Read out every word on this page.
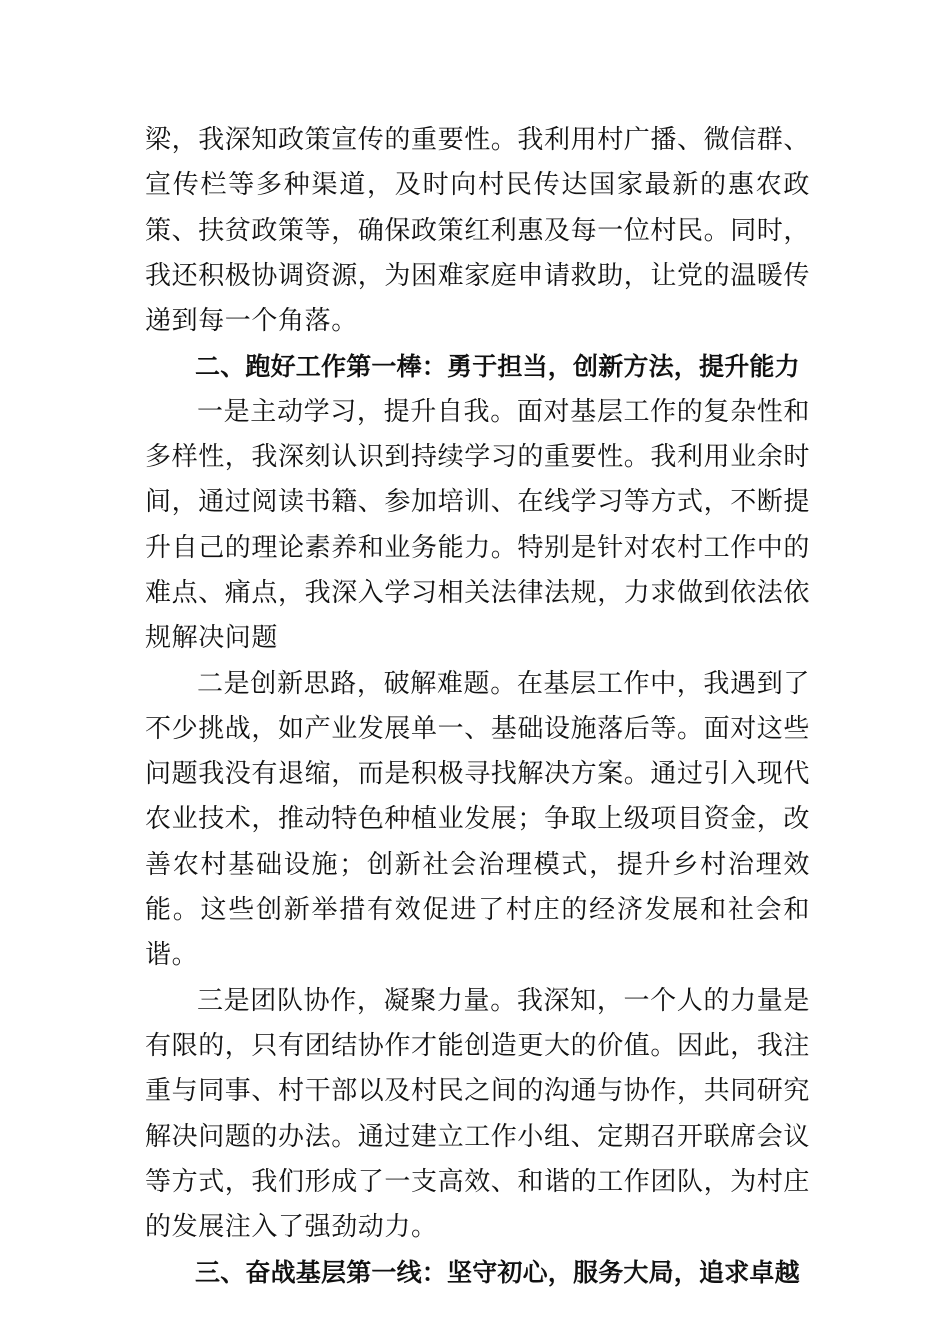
梁，我深知政策宣传的重要性。我利用村广播、微信群、宣传栏等多种渠道，及时向村民传达国家最新的惠农政策、扶贫政策等，确保政策红利惠及每一位村民。同时，我还积极协调资源，为困难家庭申请救助，让党的温暖传递到每一个角落。

二、跑好工作第一棒：勇于担当，创新方法，提升能力

一是主动学习，提升自我。面对基层工作的复杂性和多样性，我深刻认识到持续学习的重要性。我利用业余时间，通过阅读书籍、参加培训、在线学习等方式，不断提升自己的理论素养和业务能力。特别是针对农村工作中的难点、痛点，我深入学习相关法律法规，力求做到依法依规解决问题

二是创新思路，破解难题。在基层工作中，我遇到了不少挑战，如产业发展单一、基础设施落后等。面对这些问题我没有退缩，而是积极寻找解决方案。通过引入现代农业技术，推动特色种植业发展；争取上级项目资金，改善农村基础设施；创新社会治理模式，提升乡村治理效能。这些创新举措有效促进了村庄的经济发展和社会和谐。

三是团队协作，凝聚力量。我深知，一个人的力量是有限的，只有团结协作才能创造更大的价值。因此，我注重与同事、村干部以及村民之间的沟通与协作，共同研究解决问题的办法。通过建立工作小组、定期召开联席会议等方式，我们形成了一支高效、和谐的工作团队，为村庄的发展注入了强劲动力。

三、奋战基层第一线：坚守初心，服务大局，追求卓越
